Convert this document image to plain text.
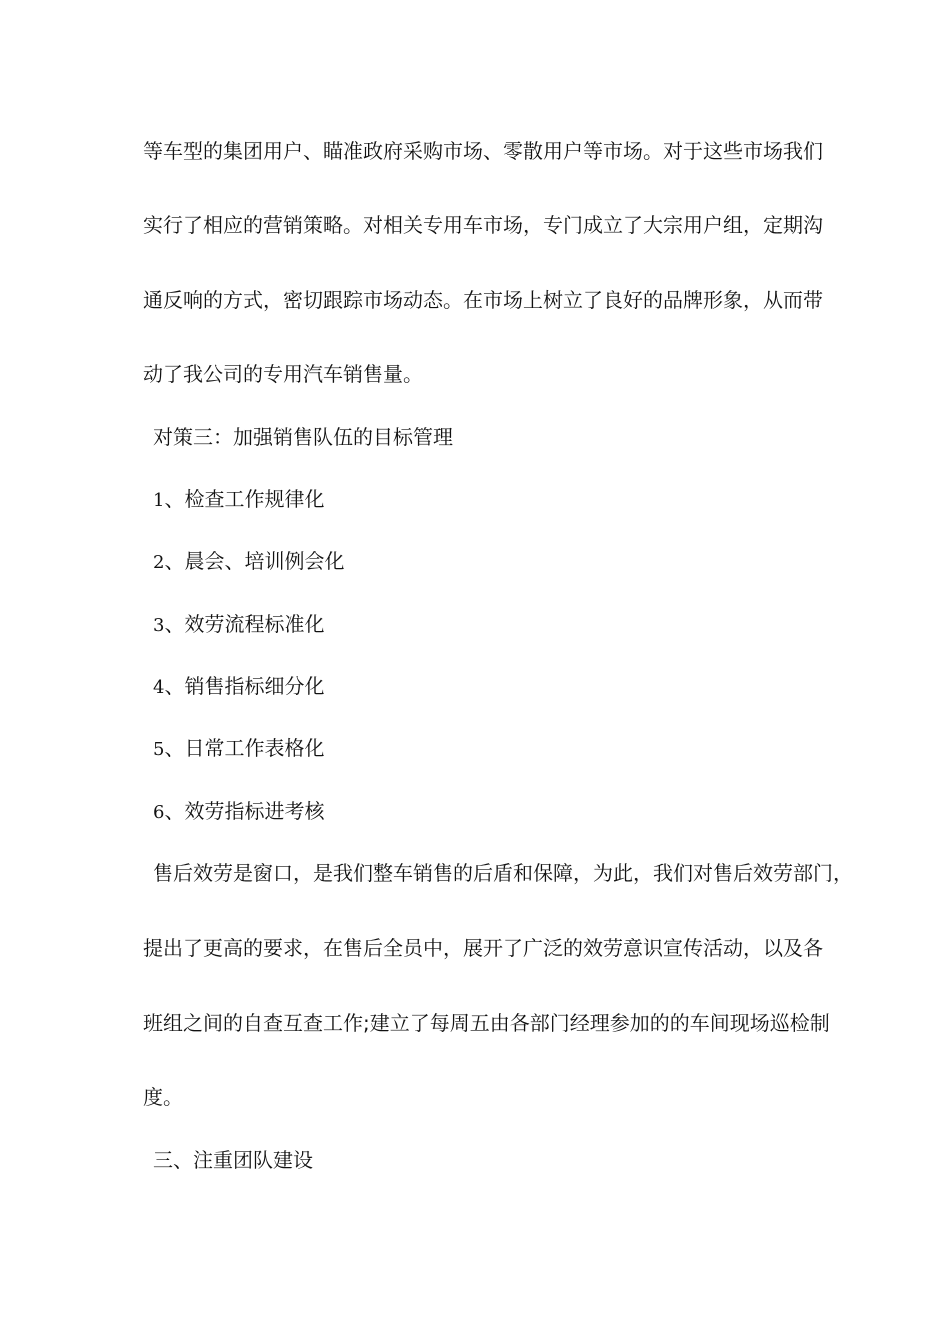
等车型的集团用户、瞄准政府采购市场、零散用户等市场。对于这些市场我们
实行了相应的营销策略。对相关专用车市场，专门成立了大宗用户组，定期沟
通反响的方式，密切跟踪市场动态。在市场上树立了良好的品牌形象，从而带
动了我公司的专用汽车销售量。
对策三：加强销售队伍的目标管理
1、检查工作规律化
2、晨会、培训例会化
3、效劳流程标准化
4、销售指标细分化
5、日常工作表格化
6、效劳指标进考核
售后效劳是窗口，是我们整车销售的后盾和保障，为此，我们对售后效劳部门，
提出了更高的要求，在售后全员中，展开了广泛的效劳意识宣传活动，以及各
班组之间的自查互查工作;建立了每周五由各部门经理参加的的车间现场巡检制
度。
三、注重团队建设
